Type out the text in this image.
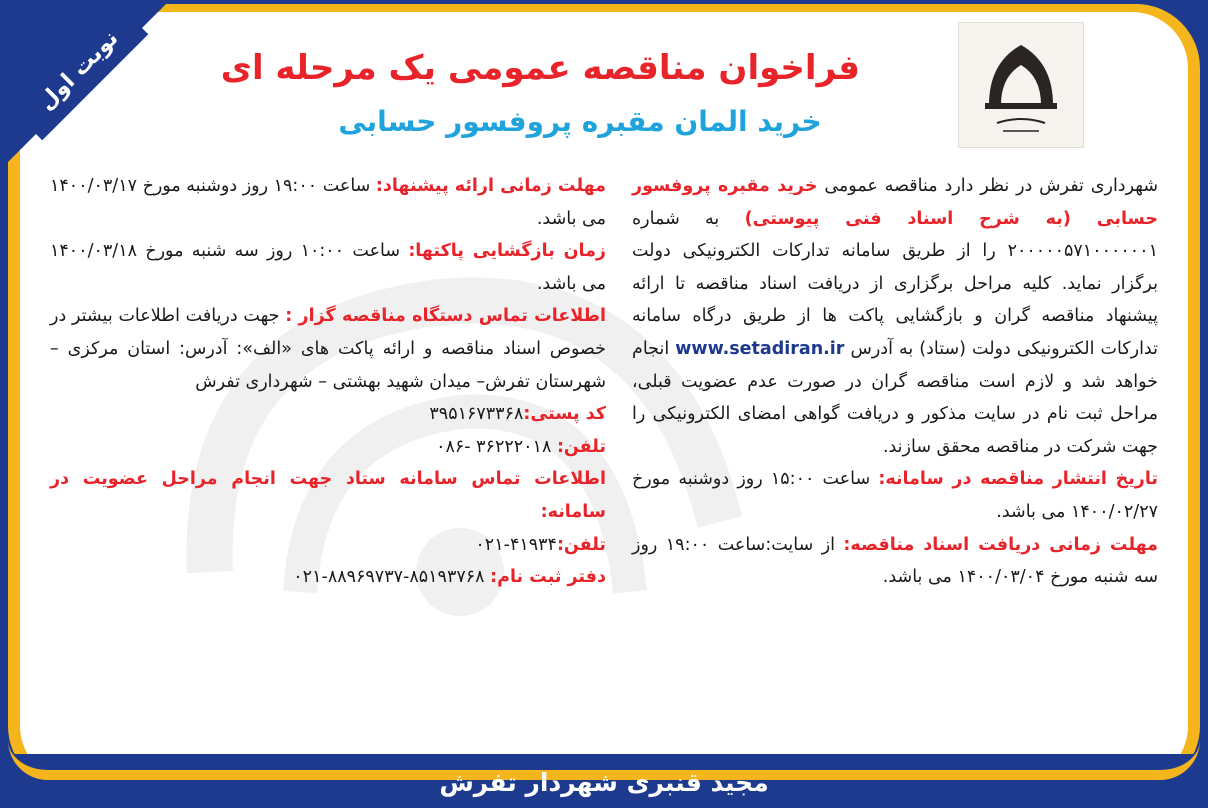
نوبت اول	فراخوان مناقصه عمومی یک مرحله ای
خرید المان مقبره پروفسور حسابی

شهرداری تفرش در نظر دارد مناقصه عمومی خرید مقبره پروفسور حسابی (به شرح اسناد فنی پیوستی) به شماره ۲۰۰۰۰۰۵۷۱۰۰۰۰۰۰۱ را از طریق سامانه تدارکات الکترونیکی دولت برگزار نماید. کلیه مراحل برگزاری از دریافت اسناد مناقصه تا ارائه پیشنهاد مناقصه گران و بازگشایی پاکت ها از طریق درگاه سامانه تدارکات الکترونیکی دولت (ستاد) به آدرس www.setadiran.ir انجام خواهد شد و لازم است مناقصه گران در صورت عدم عضویت قبلی، مراحل ثبت نام در سایت مذکور و دریافت گواهی امضای الکترونیکی را جهت شرکت در مناقصه محقق سازند.

تاریخ انتشار مناقصه در سامانه: ساعت ۱۵:۰۰ روز دوشنبه مورخ ۱۴۰۰/۰۲/۲۷ می باشد.

مهلت زمانی دریافت اسناد مناقصه: از سایت:ساعت ۱۹:۰۰ روز سه شنبه مورخ ۱۴۰۰/۰۳/۰۴ می باشد.

مهلت زمانی ارائه پیشنهاد: ساعت ۱۹:۰۰ روز دوشنبه مورخ ۱۴۰۰/۰۳/۱۷ می باشد.

زمان بازگشایی پاکتها: ساعت ۱۰:۰۰ روز سه شنبه مورخ ۱۴۰۰/۰۳/۱۸ می باشد.

اطلاعات تماس دستگاه مناقصه گزار : جهت دریافت اطلاعات بیشتر در خصوص اسناد مناقصه و ارائه پاکت های «الف»: آدرس: استان مرکزی – شهرستان تفرش– میدان شهید بهشتی – شهرداری تفرش

کد پستی:۳۹۵۱۶۷۳۳۶۸

تلفن: ۳۶۲۲۲۰۱۸ -۰۸۶

اطلاعات تماس سامانه ستاد جهت انجام مراحل عضویت در سامانه:

تلفن:۴۱۹۳۴-۰۲۱

دفتر ثبت نام: ۸۵۱۹۳۷۶۸-۸۸۹۶۹۷۳۷-۰۲۱

مجید قنبری شهردار تفرش
